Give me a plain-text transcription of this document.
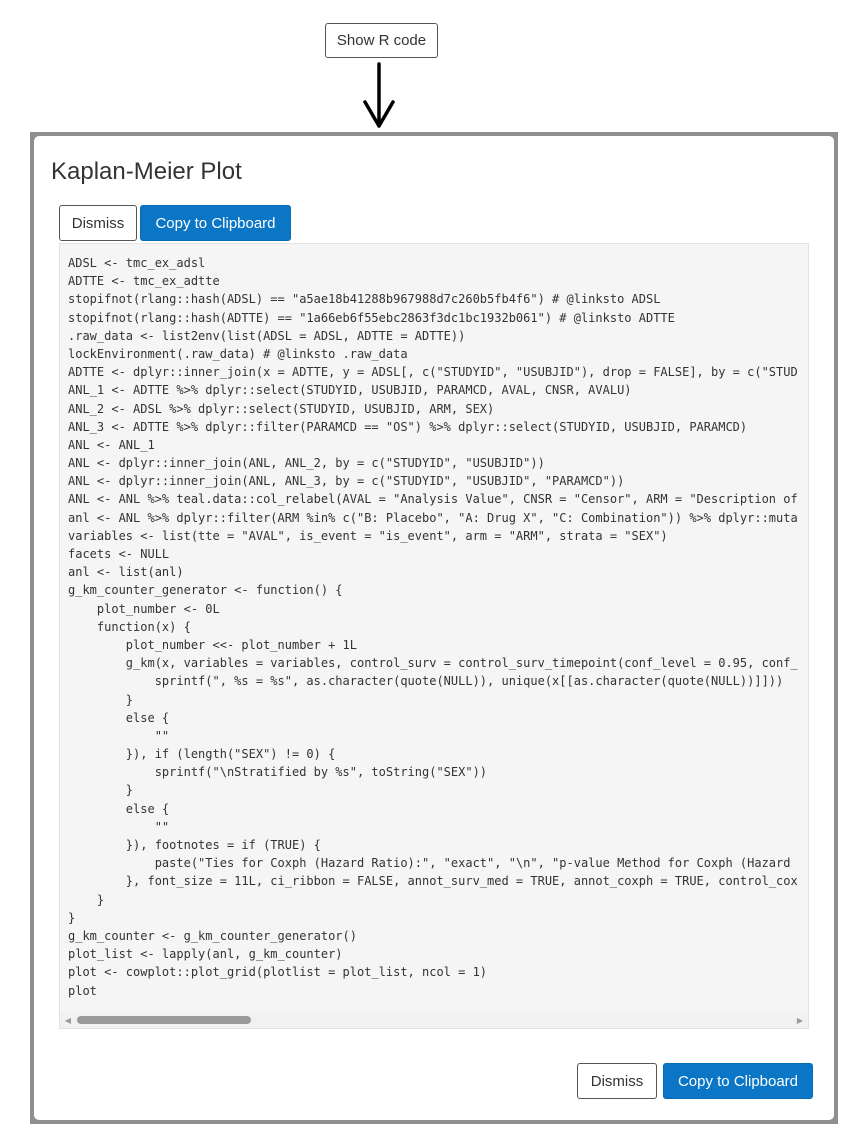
Show R code
Kaplan-Meier Plot
Dismiss	Copy to Clipboard
ADSL <- tmc_ex_adsl
ADTTE <- tmc_ex_adtte
stopifnot(rlang::hash(ADSL) == "a5ae18b41288b967988d7c260b5fb4f6") # @linksto ADSL
stopifnot(rlang::hash(ADTTE) == "1a66eb6f55ebc2863f3dc1bc1932b061") # @linksto ADTTE
.raw_data <- list2env(list(ADSL = ADSL, ADTTE = ADTTE))
lockEnvironment(.raw_data) # @linksto .raw_data
ADTTE <- dplyr::inner_join(x = ADTTE, y = ADSL[, c("STUDYID", "USUBJID"), drop = FALSE], by = c("STUD
ANL_1 <- ADTTE %>% dplyr::select(STUDYID, USUBJID, PARAMCD, AVAL, CNSR, AVALU)
ANL_2 <- ADSL %>% dplyr::select(STUDYID, USUBJID, ARM, SEX)
ANL_3 <- ADTTE %>% dplyr::filter(PARAMCD == "OS") %>% dplyr::select(STUDYID, USUBJID, PARAMCD)
ANL <- ANL_1
ANL <- dplyr::inner_join(ANL, ANL_2, by = c("STUDYID", "USUBJID"))
ANL <- dplyr::inner_join(ANL, ANL_3, by = c("STUDYID", "USUBJID", "PARAMCD"))
ANL <- ANL %>% teal.data::col_relabel(AVAL = "Analysis Value", CNSR = "Censor", ARM = "Description of
anl <- ANL %>% dplyr::filter(ARM %in% c("B: Placebo", "A: Drug X", "C: Combination")) %>% dplyr::muta
variables <- list(tte = "AVAL", is_event = "is_event", arm = "ARM", strata = "SEX")
facets <- NULL
anl <- list(anl)
g_km_counter_generator <- function() {
plot_number <- 0L
function(x) {
plot_number <<- plot_number + 1L
g_km(x, variables = variables, control_surv = control_surv_timepoint(conf_level = 0.95, conf_
sprintf(", %s = %s", as.character(quote(NULL)), unique(x[[as.character(quote(NULL))]]))
}
else {
""
}), if (length("SEX") != 0) {
sprintf("\nStratified by %s", toString("SEX"))
}
else {
""
}), footnotes = if (TRUE) {
paste("Ties for Coxph (Hazard Ratio):", "exact", "\n", "p-value Method for Coxph (Hazard
}, font_size = 11L, ci_ribbon = FALSE, annot_surv_med = TRUE, annot_coxph = TRUE, control_cox
}
}
g_km_counter <- g_km_counter_generator()
plot_list <- lapply(anl, g_km_counter)
plot <- cowplot::plot_grid(plotlist = plot_list, ncol = 1)
plot
◀	▶
Dismiss	Copy to Clipboard
